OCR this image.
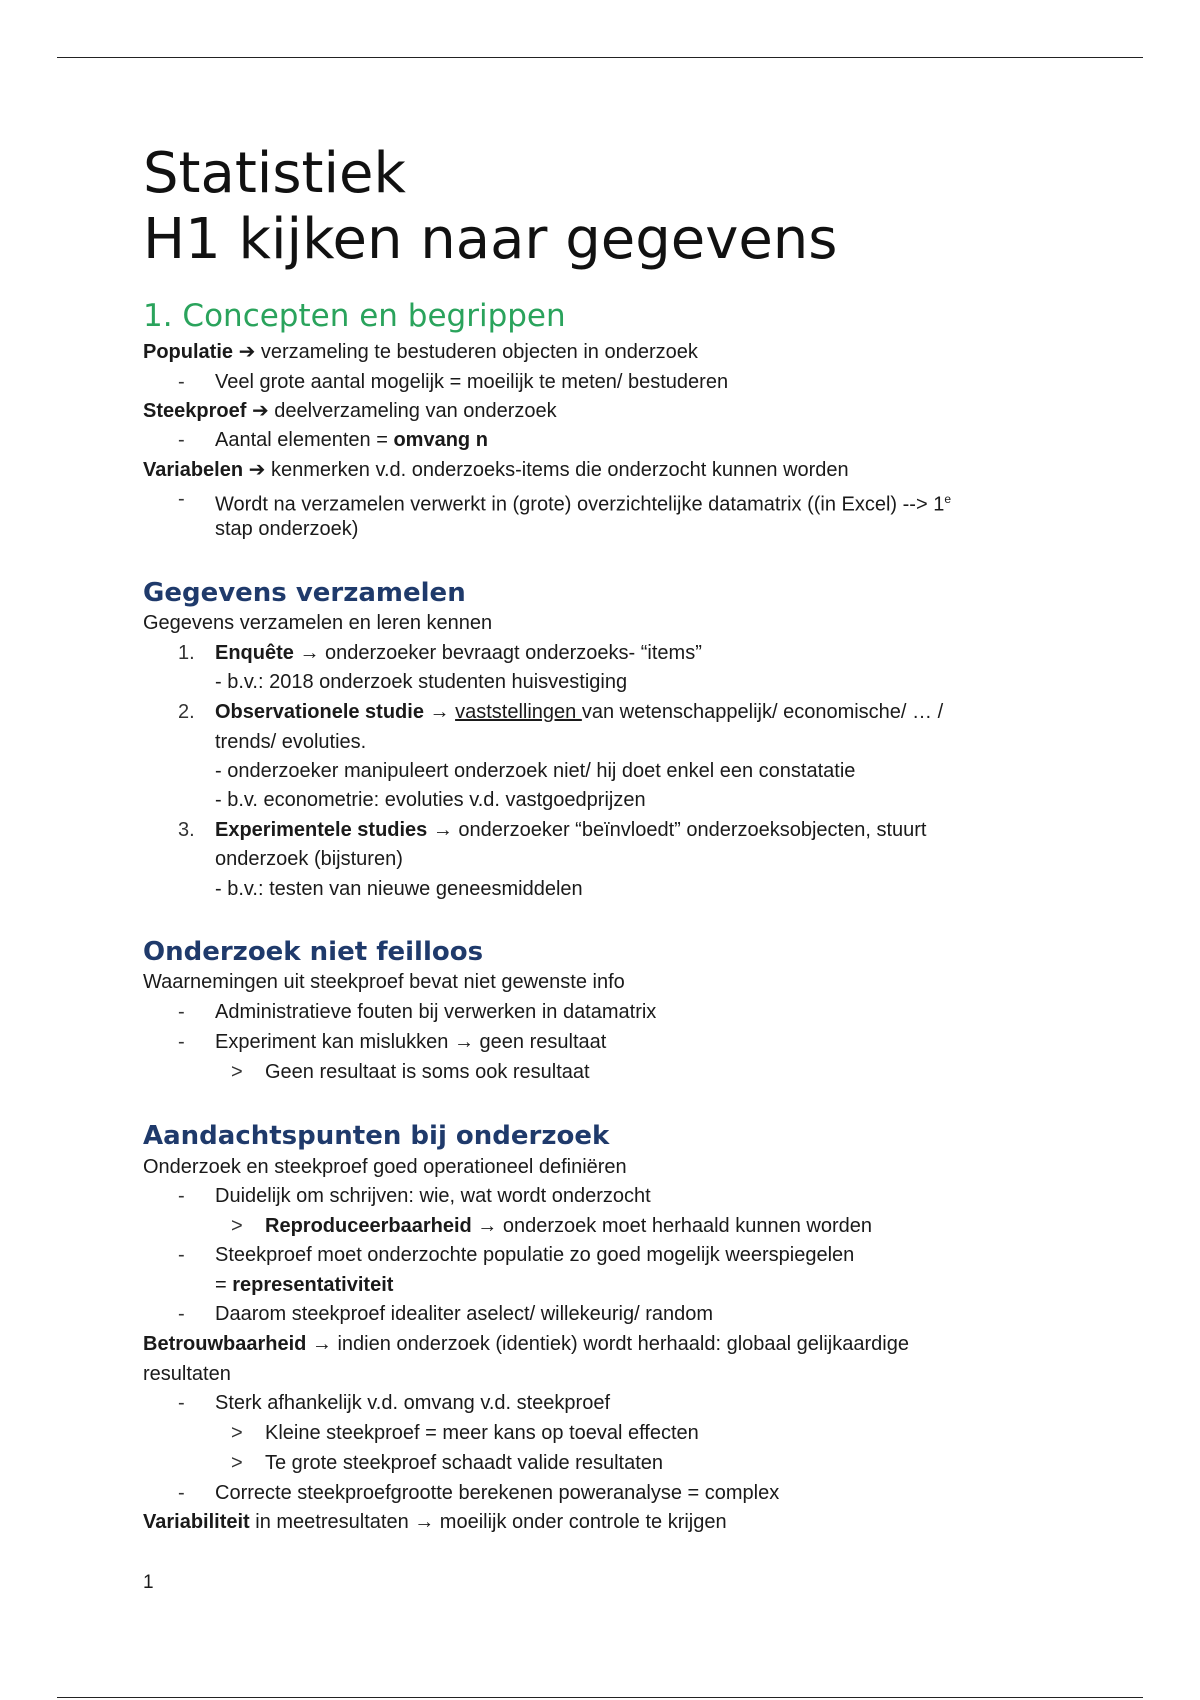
Statistiek
H1 kijken naar gegevens
1. Concepten en begrippen
Populatie ➔ verzameling te bestuderen objecten in onderzoek
- Veel grote aantal mogelijk = moeilijk te meten/ bestuderen
Steekproef ➔ deelverzameling van onderzoek
- Aantal elementen = omvang n
Variabelen ➔ kenmerken v.d. onderzoeks-items die onderzocht kunnen worden
- Wordt na verzamelen verwerkt in (grote) overzichtelijke datamatrix ((in Excel) --> $1^e$
stap onderzoek)
Gegevens verzamelen
Gegevens verzamelen en leren kennen
1. Enquête → onderzoeker bevraagt onderzoeks- “items”
- b.v.: 2018 onderzoek studenten huisvestiging
2. Observationele studie → vaststellingen van wetenschappelijk/ economische/ … /
trends/ evoluties.
- onderzoeker manipuleert onderzoek niet/ hij doet enkel een constatatie
- b.v. econometrie: evoluties v.d. vastgoedprijzen
3. Experimentele studies → onderzoeker “beïnvloedt” onderzoeksobjecten, stuurt
onderzoek (bijsturen)
- b.v.: testen van nieuwe geneesmiddelen
Onderzoek niet feilloos
Waarnemingen uit steekproef bevat niet gewenste info
- Administratieve fouten bij verwerken in datamatrix
- Experiment kan mislukken → geen resultaat
> Geen resultaat is soms ook resultaat
Aandachtspunten bij onderzoek
Onderzoek en steekproef goed operationeel definiëren
- Duidelijk om schrijven: wie, wat wordt onderzocht
> Reproduceerbaarheid → onderzoek moet herhaald kunnen worden
- Steekproef moet onderzochte populatie zo goed mogelijk weerspiegelen
= representativiteit
- Daarom steekproef idealiter aselect/ willekeurig/ random
Betrouwbaarheid → indien onderzoek (identiek) wordt herhaald: globaal gelijkaardige
resultaten
- Sterk afhankelijk v.d. omvang v.d. steekproef
> Kleine steekproef = meer kans op toeval effecten
> Te grote steekproef schaadt valide resultaten
- Correcte steekproefgrootte berekenen poweranalyse = complex
Variabiliteit in meetresultaten → moeilijk onder controle te krijgen
1
